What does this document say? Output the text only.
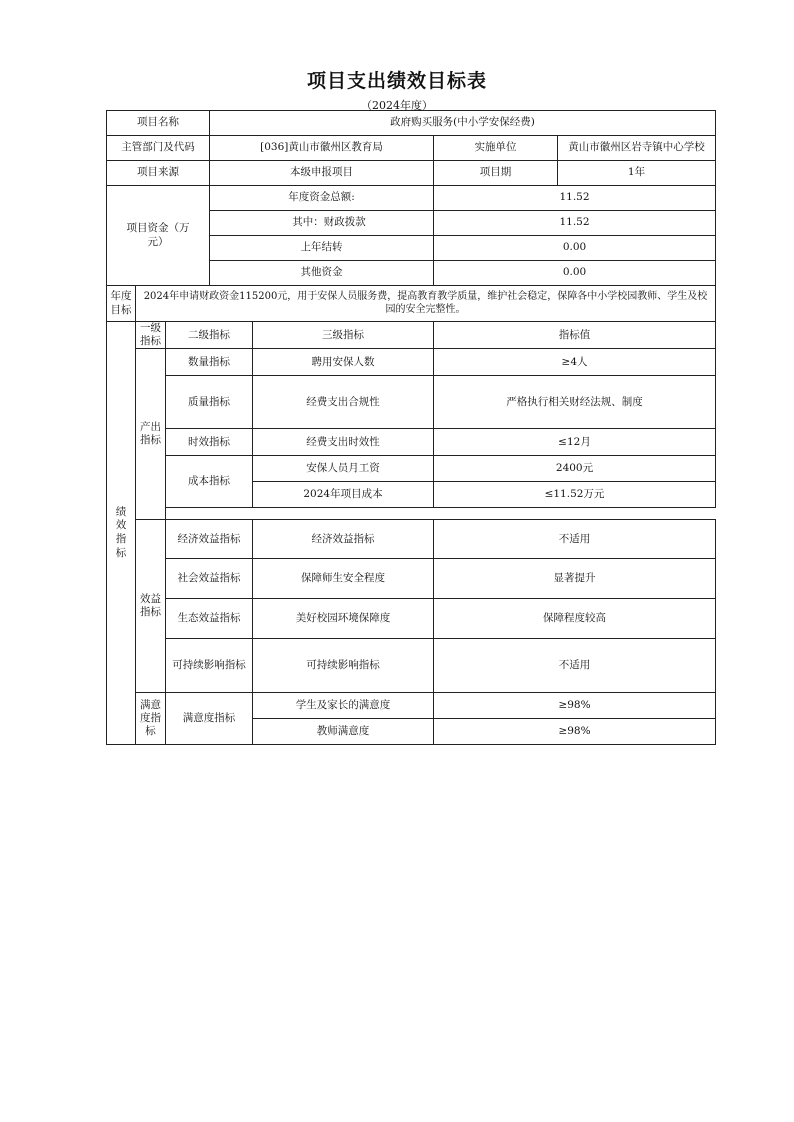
项目支出绩效目标表
（2024年度）
项目名称			政府购买服务(中小学安保经费)			
主管部门及代码			[036]黄山市徽州区教育局		实施单位	黄山市徽州区岩寺镇中心学校
项目来源			本级申报项目		项目期	1年

项目资金（万元）			年度资金总额:		11.52	
			其中：财政拨款		11.52	
			上年结转		0.00	
			其他资金		0.00	

年度目标	2024年申请财政资金115200元，用于安保人员服务费，提高教育教学质量，维护社会稳定，保障各中小学校园教师、学生及校园的安全完整性。					
绩效指标	一级指标	二级指标		三级指标	指标值	

	产出指标	数量指标		聘用安保人数	≥4人	
		质量指标		经费支出合规性	严格执行相关财经法规、制度	
		时效指标		经费支出时效性	≤12月	
		成本指标		安保人员月工资	2400元	
				2024年项目成本	≤11.52万元	

	效益指标	经济效益指标		经济效益指标	不适用	
		社会效益指标		保障师生安全程度	显著提升	
		生态效益指标		美好校园环境保障度	保障程度较高	
		可持续影响指标		可持续影响指标	不适用	

	满意度指标	满意度指标		学生及家长的满意度	≥98%	
				教师满意度	≥98%	
